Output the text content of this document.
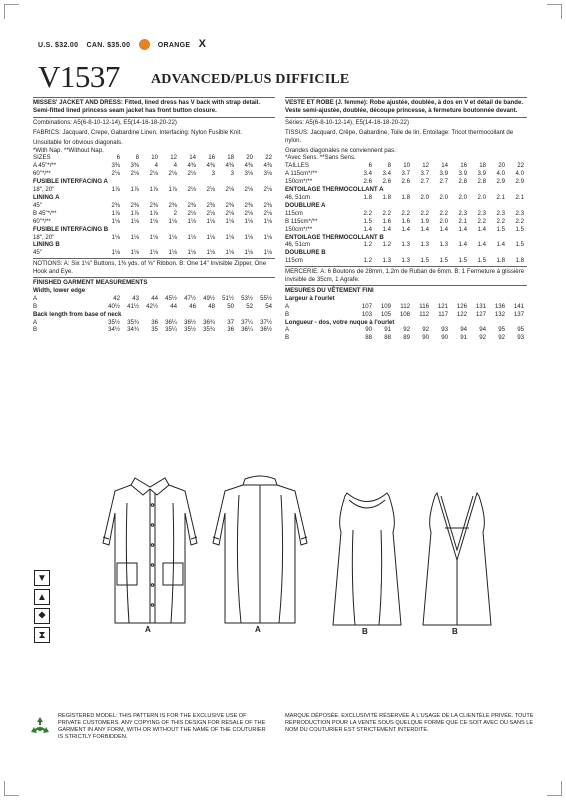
U.S. $32.00 CAN. $35.00	ORANGE X
V1537 ADVANCED/PLUS DIFFICILE
MISSES' JACKET AND DRESS: Fitted, lined dress has V back with strap detail. Semi-fitted lined princess seam jacket has front button closure.
Combinations: A5(6-8-10-12-14), E5(14-16-18-20-22)
FABRICS: Jacquard, Crepe, Gabardine Linen. Interfacing: Nylon Fusible Knit.
Unsuitable for obvious diagonals.
*With Nap. **Without Nap.
SIZES	6	8	10	12	14	16	18	20	22
A 45"*/**	3⅜	3⅜	4	4	4⅜	4⅜	4⅜	4⅜	4⅜
60"*/**	2⅛	2⅛	2⅛	2⅛	2⅛	3	3	3⅛	3⅛
FUSIBLE INTERFACING A
18", 20"	1⅞	1⅞	1⅞	1⅞	2⅛	2⅛	2⅛	2⅛	2⅛
LINING A
45"	2⅜	2⅜	2⅜	2⅜	2⅜	2⅜	2⅜	2⅜	2⅜
B 45"*/**	1⅞	1⅞	1⅞	2	2⅛	2⅛	2⅛	2⅛	2⅛
60"*/**	1⅛	1⅛	1⅛	1⅛	1⅛	1⅛	1⅛	1⅛	1⅛
FUSIBLE INTERFACING B
18", 20"	1⅛	1⅛	1⅛	1⅛	1⅛	1⅛	1⅛	1⅛	1⅛
LINING B
45"	1⅛	1⅛	1⅛	1⅛	1⅛	1⅛	1⅛	1⅛	1⅛
NOTIONS: A: Six 1⅛" Buttons, 1⅜ yds. of ⅝" Ribbon. B: One 14" Invisible Zipper, One Hook and Eye.
FINISHED GARMENT MEASUREMENTS
Width, lower edge
A	42	43	44	45½	47½	49½	51½	53½	55½
B	40½	41½	42½	44	46	48	50	52	54
Back length from base of neck
A	35½	35¾	36	36¼	36½	36¾	37	37¼	37½
B	34½	34¾	35	35¼	35½	35¾	36	36¼	36½
VESTE ET ROBE (J. femme): Robe ajustée, doublée, à dos en V et détail de bande. Veste semi-ajustée, doublée, découpe princesse, à fermeture boutonnée devant.
Séries: A5(6-8-10-12-14), E5(14-16-18-20-22)
TISSUS: Jacquard, Crêpe, Gabardine, Toile de lin. Entoilage: Tricot thermocollant de nylon.
Grandes diagonales ne conviennent pas.
*Avec Sens. **Sans Sens.
TAILLES	6	8	10	12	14	16	18	20	22
A 115cm*/**	3.4	3.4	3.7	3.7	3.9	3.9	3.9	4.0	4.0
150cm*/**	2.6	2.6	2.6	2.7	2.7	2.8	2.8	2.9	2.9
ENTOILAGE THERMOCOLLANT A
46, 51cm	1.8	1.8	1.8	2.0	2.0	2.0	2.0	2.1	2.1
DOUBLURE A
115cm	2.2	2.2	2.2	2.2	2.2	2.3	2.3	2.3	2.3
B 115cm*/**	1.5	1.6	1.6	1.9	2.0	2.1	2.2	2.2	2.2
150cm*/**	1.4	1.4	1.4	1.4	1.4	1.4	1.4	1.5	1.5
ENTOILAGE THERMOCOLLANT B
46, 51cm	1.2	1.2	1.3	1.3	1.3	1.4	1.4	1.4	1.5
DOUBLURE B
115cm	1.2	1.3	1.3	1.5	1.5	1.5	1.5	1.8	1.8
MERCERIE: A: 6 Boutons de 28mm, 1.2m de Ruban de 6mm. B: 1 Fermeture à glissière invisible de 35cm, 1 Agrafe.
MESURES DU VÊTEMENT FINI
Largeur à l'ourlet
A	107	109	112	116	121	126	131	136	141
B	103	105	108	112	117	122	127	132	137
Longueur - dos, votre nuque à l'ourlet
A	90	91	92	92	93	94	94	95	95
B	88	88	89	90	90	91	92	92	93
A	A	B	B
▼
▲
⯁
⧗
REGISTERED MODEL: THIS PATTERN IS FOR THE EXCLUSIVE USE OF PRIVATE CUSTOMERS. ANY COPYING OF THIS DESIGN FOR RESALE OF THE GARMENT IN ANY FORM, WITH OR WITHOUT THE NAME OF THE COUTURIER IS STRICTLY FORBIDDEN.
MARQUE DÉPOSÉE. EXCLUSIVITÉ RÉSERVÉE À L'USAGE DE LA CLIENTÈLE PRIVÉE. TOUTE REPRODUCTION POUR LA VENTE SOUS QUELQUE FORME QUE CE SOIT AVEC OU SANS LE NOM DU COUTURIER EST STRICTEMENT INTERDITE.
